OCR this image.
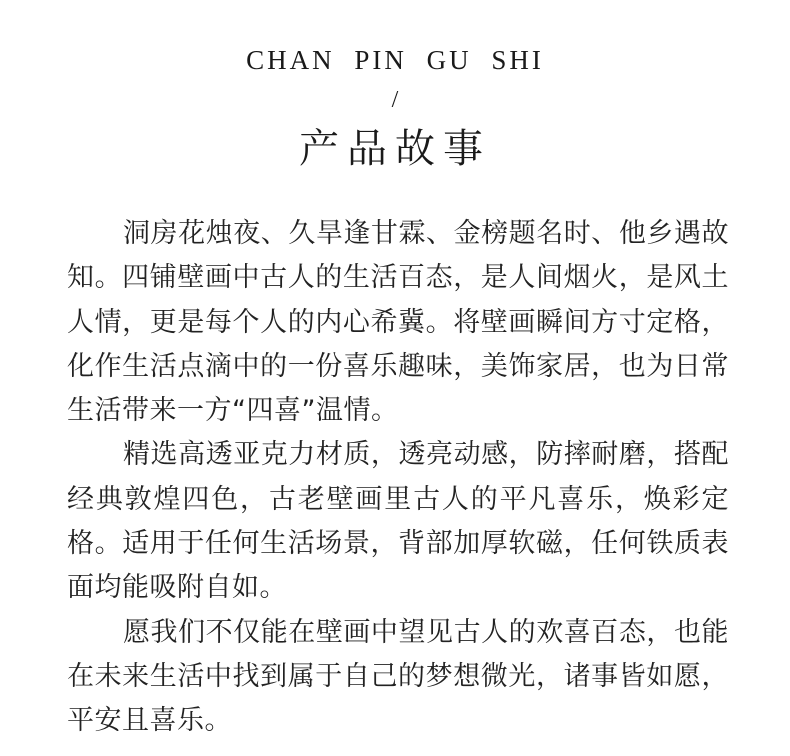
CHAN PIN GU SHI
/
产品故事

洞房花烛夜、久旱逢甘霖、金榜题名时、他乡遇故知。四铺壁画中古人的生活百态，是人间烟火，是风土人情，更是每个人的内心希冀。将壁画瞬间方寸定格，化作生活点滴中的一份喜乐趣味，美饰家居，也为日常生活带来一方“四喜”温情。

精选高透亚克力材质，透亮动感，防摔耐磨，搭配经典敦煌四色，古老壁画里古人的平凡喜乐，焕彩定格。适用于任何生活场景，背部加厚软磁，任何铁质表面均能吸附自如。

愿我们不仅能在壁画中望见古人的欢喜百态，也能在未来生活中找到属于自己的梦想微光，诸事皆如愿，平安且喜乐。
